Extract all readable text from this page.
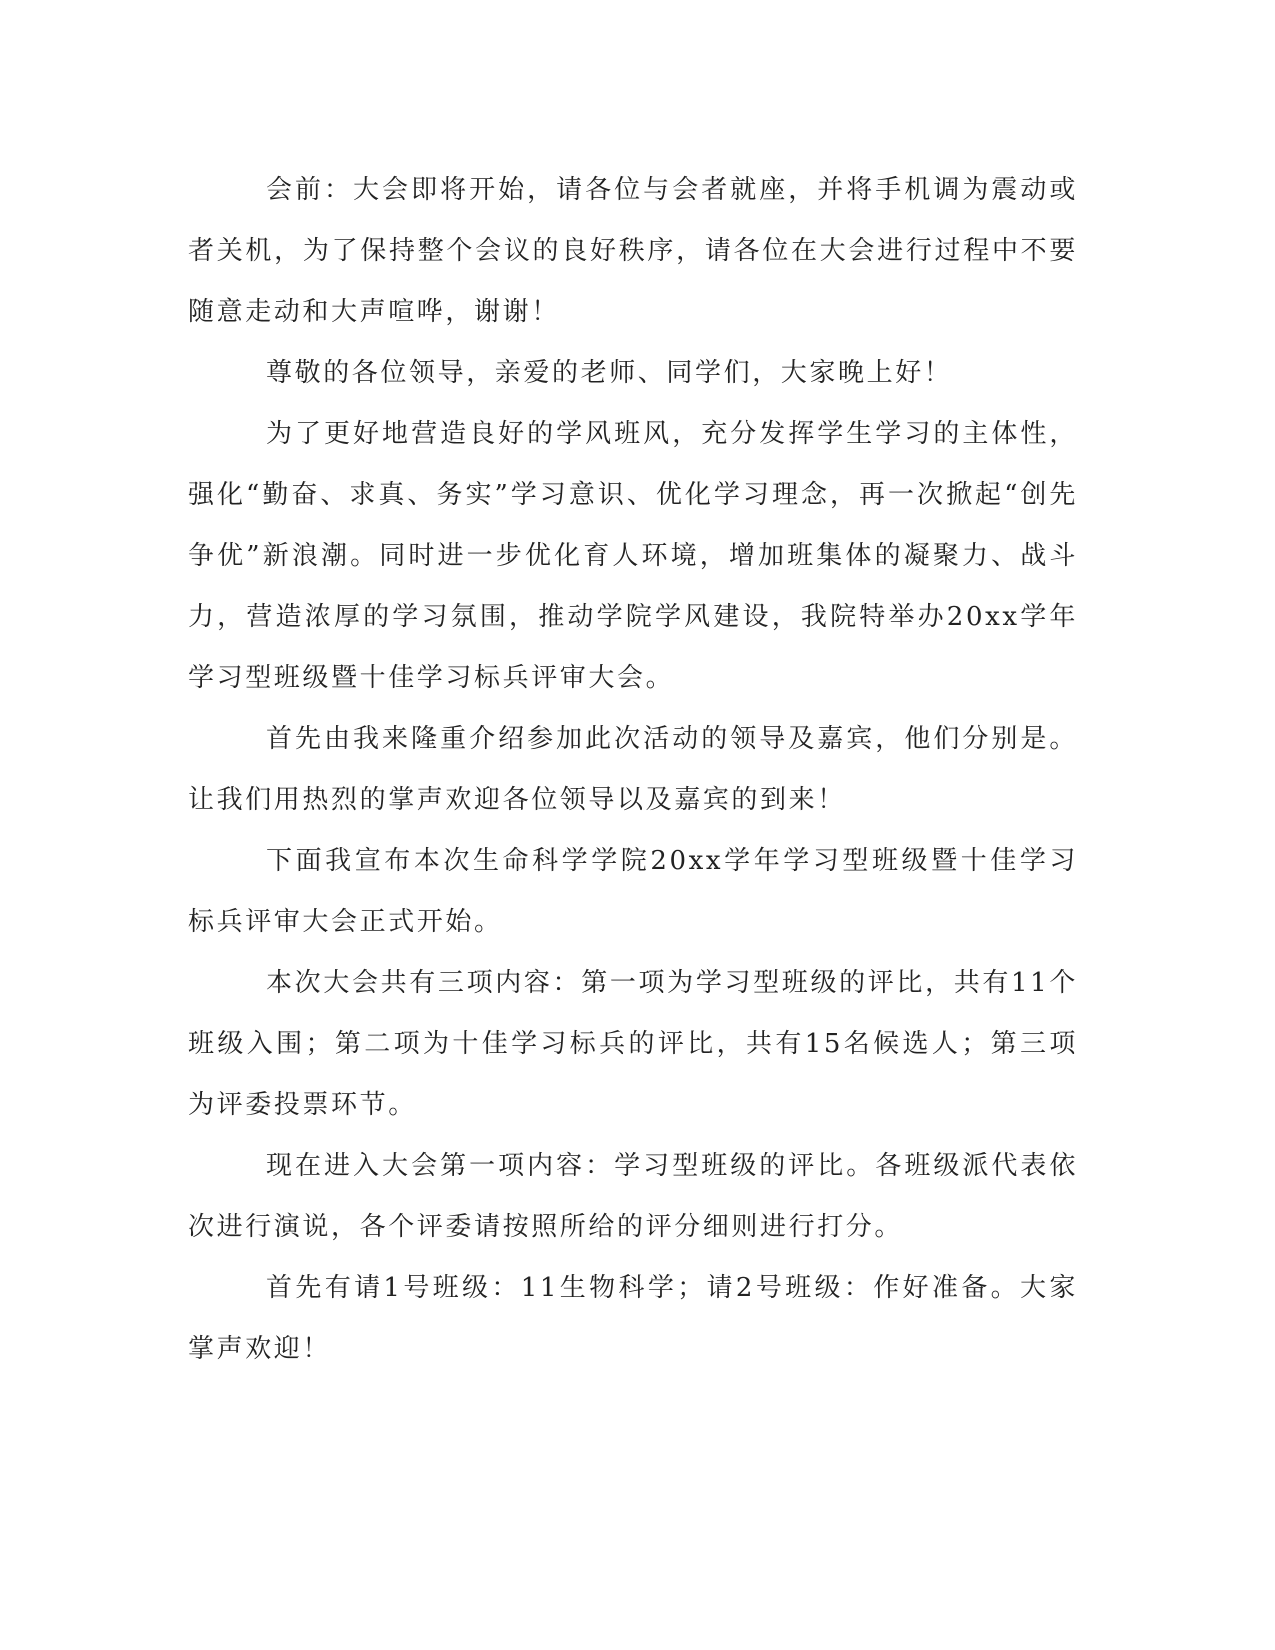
会前：大会即将开始，请各位与会者就座，并将手机调为震动或者关机，为了保持整个会议的良好秩序，请各位在大会进行过程中不要随意走动和大声喧哗，谢谢！

尊敬的各位领导，亲爱的老师、同学们，大家晚上好！

为了更好地营造良好的学风班风，充分发挥学生学习的主体性，强化“勤奋、求真、务实”学习意识、优化学习理念，再一次掀起“创先争优”新浪潮。同时进一步优化育人环境，增加班集体的凝聚力、战斗力，营造浓厚的学习氛围，推动学院学风建设，我院特举办20xx学年学习型班级暨十佳学习标兵评审大会。

首先由我来隆重介绍参加此次活动的领导及嘉宾，他们分别是。让我们用热烈的掌声欢迎各位领导以及嘉宾的到来！

下面我宣布本次生命科学学院20xx学年学习型班级暨十佳学习标兵评审大会正式开始。

本次大会共有三项内容：第一项为学习型班级的评比，共有11个班级入围；第二项为十佳学习标兵的评比，共有15名候选人；第三项为评委投票环节。

现在进入大会第一项内容：学习型班级的评比。各班级派代表依次进行演说，各个评委请按照所给的评分细则进行打分。

首先有请1号班级：11生物科学；请2号班级：作好准备。大家掌声欢迎！
